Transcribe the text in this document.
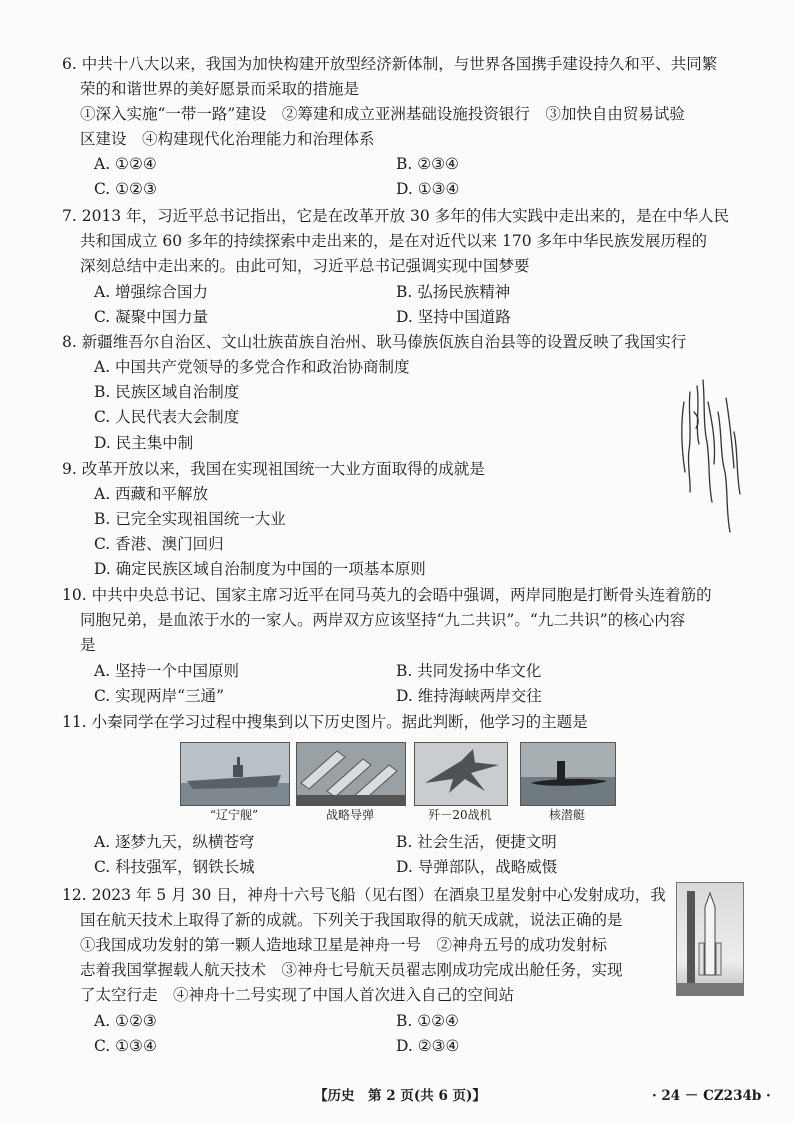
6. 中共十八大以来，我国为加快构建开放型经济新体制，与世界各国携手建设持久和平、共同繁
荣的和谐世界的美好愿景而采取的措施是
①深入实施“一带一路”建设　②筹建和成立亚洲基础设施投资银行　③加快自由贸易试验
区建设　④构建现代化治理能力和治理体系
A. ①②④	B. ②③④
C. ①②③	D. ①③④
7. 2013 年，习近平总书记指出，它是在改革开放 30 多年的伟大实践中走出来的，是在中华人民
共和国成立 60 多年的持续探索中走出来的，是在对近代以来 170 多年中华民族发展历程的
深刻总结中走出来的。由此可知，习近平总书记强调实现中国梦要
A. 增强综合国力	B. 弘扬民族精神
C. 凝聚中国力量	D. 坚持中国道路
8. 新疆维吾尔自治区、文山壮族苗族自治州、耿马傣族佤族自治县等的设置反映了我国实行
A. 中国共产党领导的多党合作和政治协商制度
B. 民族区域自治制度
C. 人民代表大会制度
D. 民主集中制
9. 改革开放以来，我国在实现祖国统一大业方面取得的成就是
A. 西藏和平解放
B. 已完全实现祖国统一大业
C. 香港、澳门回归
D. 确定民族区域自治制度为中国的一项基本原则
10. 中共中央总书记、国家主席习近平在同马英九的会晤中强调，两岸同胞是打断骨头连着筋的
同胞兄弟，是血浓于水的一家人。两岸双方应该坚持“九二共识”。“九二共识”的核心内容
是
A. 坚持一个中国原则	B. 共同发扬中华文化
C. 实现两岸“三通”	D. 维持海峡两岸交往
11. 小秦同学在学习过程中搜集到以下历史图片。据此判断，他学习的主题是
“辽宁舰”	战略导弹	歼－20战机	核潜艇
A. 逐梦九天，纵横苍穹	B. 社会生活，便捷文明
C. 科技强军，钢铁长城	D. 导弹部队，战略威慑
12. 2023 年 5 月 30 日，神舟十六号飞船（见右图）在酒泉卫星发射中心发射成功，我
国在航天技术上取得了新的成就。下列关于我国取得的航天成就，说法正确的是
①我国成功发射的第一颗人造地球卫星是神舟一号　②神舟五号的成功发射标
志着我国掌握载人航天技术　③神舟七号航天员翟志刚成功完成出舱任务，实现
了太空行走　④神舟十二号实现了中国人首次进入自己的空间站
A. ①②③	B. ①②④
C. ①③④	D. ②③④
【历史　第 2 页(共 6 页)】	· 24 － CZ234b ·
